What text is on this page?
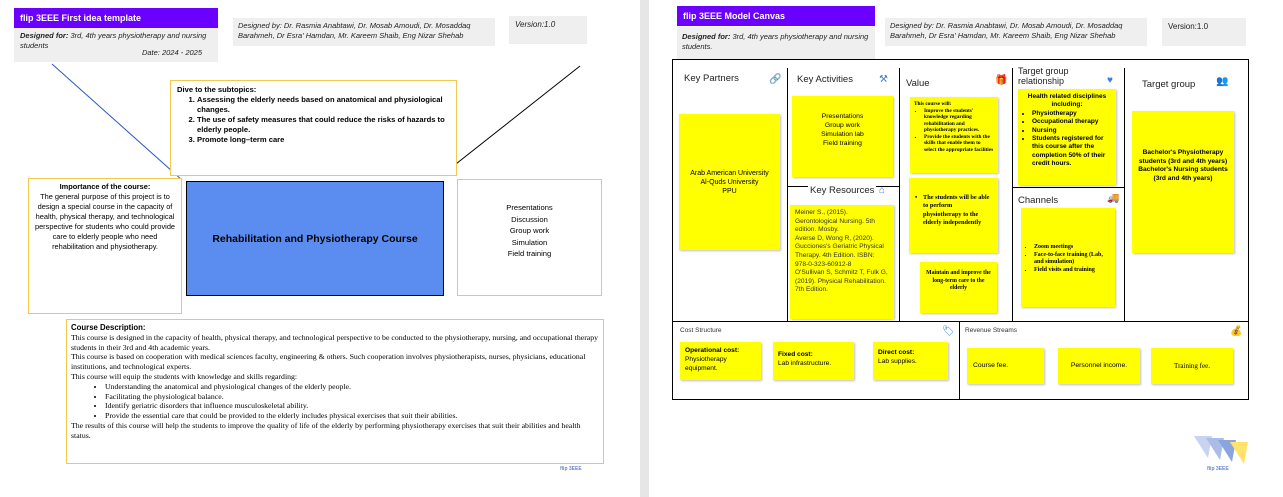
flip 3EEE First idea template
Designed for: 3rd, 4th years physiotherapy and nursing students
Date: 2024 - 2025
Designed by: Dr. Rasmia Anabtawi, Dr. Mosab Amoudi, Dr. Mosaddaq Barahmeh, Dr Esra' Hamdan, Mr. Kareem Shaib, Eng Nizar Shehab
Version:1.0
Dive to the subtopics:
1. Assessing the elderly needs based on anatomical and physiological changes.
2. The use of safety measures that could reduce the risks of hazards to elderly people.
3. Promote long–term care
Importance of the course:
The general purpose of this project is to design a special course in the capacity of health, physical therapy, and technological perspective for students who could provide care to elderly people who need rehabilitation and physiotherapy.
Rehabilitation and Physiotherapy Course
Presentations
Discussion
Group work
Simulation
Field training
Course Description:
This course is designed in the capacity of health, physical therapy, and technological perspective to be conducted to the physiotherapy, nursing, and occupational therapy students in their 3rd and 4th academic years.
This course is based on cooperation with medical sciences faculty, engineering & others. Such cooperation involves physiotherapists, nurses, physicians, educational institutions, and technological experts.
This course will equip the students with knowledge and skills regarding:
• Understanding the anatomical and physiological changes of the elderly people.
• Facilitating the physiological balance.
• Identify geriatric disorders that influence musculoskeletal ability.
• Provide the essential care that could be provided to the elderly includes physical exercises that suit their abilities.
The results of this course will help the students to improve the quality of life of the elderly by performing physiotherapy exercises that suit their abilities and health status.
flip 3EEE
flip 3EEE Model Canvas
Designed for: 3rd, 4th years physiotherapy and nursing students.
Designed by: Dr. Rasmia Anabtawi, Dr. Mosab Amoudi, Dr. Mosaddaq Barahmeh, Dr Esra' Hamdan, Mr. Kareem Shaib, Eng Nizar Shehab
Version:1.0
Key Partners	🔗
Arab American University
Al-Quds University
PPU
Key Activities	⚒
Presentations
Group work
Simulation lab
Field training
Key Resources ⌂
Meiner S., (2015). Gerontological Nursing. 5th edition. Mosby.
Averse D, Wong R, (2020). Gucciones's Geriatric Physical Therapy. 4th Edition. ISBN: 978-0-323-60912-8
O'Sullivan S, Schmitz T, Fulk G, (2019). Physical Rehabilitation. 7th Edition.
Value	🎁
This course will:
• Improve the students' knowledge regarding rehabilitation and physiotherapy practices.
• Provide the students with the skills that enable them to select the appropriate facilities
• The students will be able to perform physiotherapy to the elderly independently
Maintain and improve the long-term care to the elderly
Target group relationship	♥
Health related disciplines including:
• Physiotherapy
• Occupational therapy
• Nursing
• Students registered for this course after the completion 50% of their credit hours.
Channels	🚚
• Zoom meetings
• Face-to-face training (Lab, and simulation)
• Field visits and training
Target group 👥
Bachelor's Physiotherapy students (3rd and 4th years)
Bachelor's Nursing students (3rd and 4th years)
Cost Structure	🏷
Operational cost:
Physiotherapy equipment.
Fixed cost:
Lab infrastructure.
Direct cost:
Lab supplies.
Revenue Streams	💰
Course fee.	Personnel income.	Training fee.
flip 3EEE
